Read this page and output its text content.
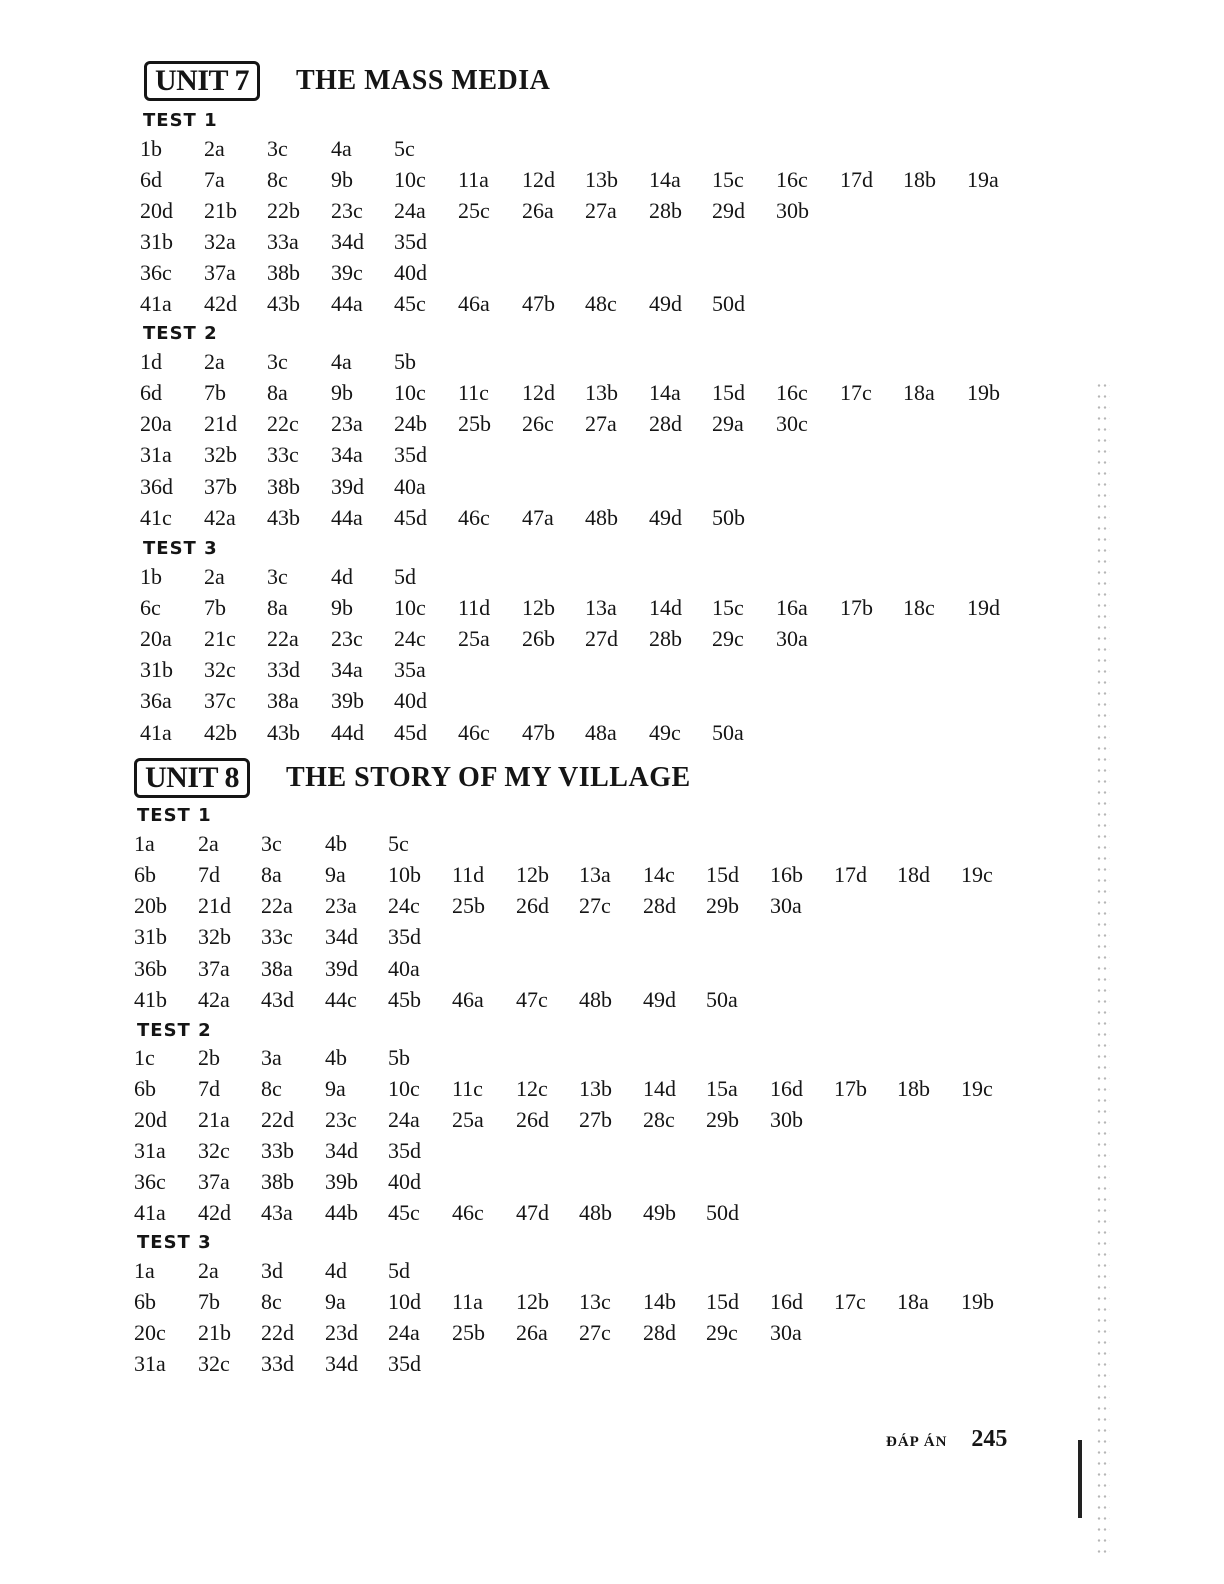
UNIT 7	THE MASS MEDIA
UNIT 8	THE STORY OF MY VILLAGE
TEST 1
1b 2a 3c 4a 5c
6d 7a 8c 9b 10c 11a 12d 13b 14a 15c 16c 17d 18b 19a
20d 21b 22b 23c 24a 25c 26a 27a 28b 29d 30b
31b 32a 33a 34d 35d
36c 37a 38b 39c 40d
41a 42d 43b 44a 45c 46a 47b 48c 49d 50d
TEST 2
1d 2a 3c 4a 5b
6d 7b 8a 9b 10c 11c 12d 13b 14a 15d 16c 17c 18a 19b
20a 21d 22c 23a 24b 25b 26c 27a 28d 29a 30c
31a 32b 33c 34a 35d
36d 37b 38b 39d 40a
41c 42a 43b 44a 45d 46c 47a 48b 49d 50b
TEST 3
1b 2a 3c 4d 5d
6c 7b 8a 9b 10c 11d 12b 13a 14d 15c 16a 17b 18c 19d
20a 21c 22a 23c 24c 25a 26b 27d 28b 29c 30a
31b 32c 33d 34a 35a
36a 37c 38a 39b 40d
41a 42b 43b 44d 45d 46c 47b 48a 49c 50a
TEST 1
1a 2a 3c 4b 5c
6b 7d 8a 9a 10b 11d 12b 13a 14c 15d 16b 17d 18d 19c
20b 21d 22a 23a 24c 25b 26d 27c 28d 29b 30a
31b 32b 33c 34d 35d
36b 37a 38a 39d 40a
41b 42a 43d 44c 45b 46a 47c 48b 49d 50a
TEST 2
1c 2b 3a 4b 5b
6b 7d 8c 9a 10c 11c 12c 13b 14d 15a 16d 17b 18b 19c
20d 21a 22d 23c 24a 25a 26d 27b 28c 29b 30b
31a 32c 33b 34d 35d
36c 37a 38b 39b 40d
41a 42d 43a 44b 45c 46c 47d 48b 49b 50d
TEST 3
1a 2a 3d 4d 5d
6b 7b 8c 9a 10d 11a 12b 13c 14b 15d 16d 17c 18a 19b
20c 21b 22d 23d 24a 25b 26a 27c 28d 29c 30a
31a 32c 33d 34d 35d
ĐÁP ÁN 245
